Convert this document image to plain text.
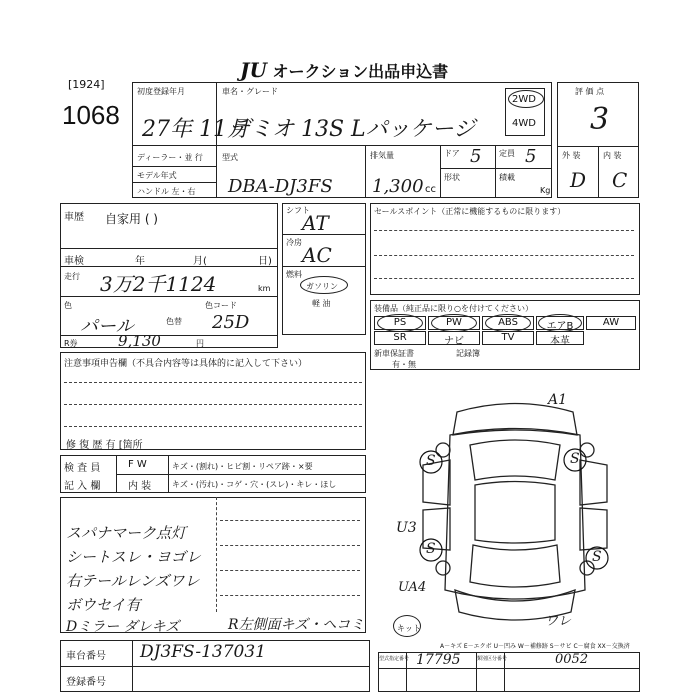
JU オークション出品申込書
[1924]
1068
初度登録年月
27年 11月
車名・グレード
デミオ 13S Lパッケージ
2WD
4WD
ディーラー・並 行
モデル年式
ハンドル 左・右
型式
DBA-DJ3FS
排気量
1,300 cc
ドア 5 定員 5
形状	積載
Kg
評 価 点
3
外 装	内 装
D C
車歴 自家用 ( )
車検	年	月(	日)
走行 3万2千1124	km
色
パール	色替
色コード
25D
R券	9,130	円
シフト
AT
冷房
AC
燃料
ガソリン
軽 油
セールスポイント（正常に機能するものに限ります）
装備品（純正品に限り○を付けてください）
PS	PW	ABS	エアB	AW
SR	ナビ	TV	本革
新車保証書
有・無
記録簿
注意事項申告欄（不具合内容等は具体的に記入して下さい）
修 復 歴 有 [箇所
検 査 員
記 入 欄
F W	キズ・(割れ)・ヒビ割・リペア跡・×要
内 装	キズ・(汚れ)・コゲ・穴・(スレ)・キレ・ほし
スパナマーク点灯
シートスレ・ヨゴレ
右テールレンズワレ
ボウセイ有
Dミラー ダレキズ	R左側面キズ・ヘコミ
A1
S	S
U3
S
UA4
S
ワレ
キット
A－キズ E－エクボ U－凹み W－補修跡 S－サビ C－腐食 XX－交換済
車台番号 DJ3FS-137031
登録番号
型式指定番号 17795	類別区分番号	0052
